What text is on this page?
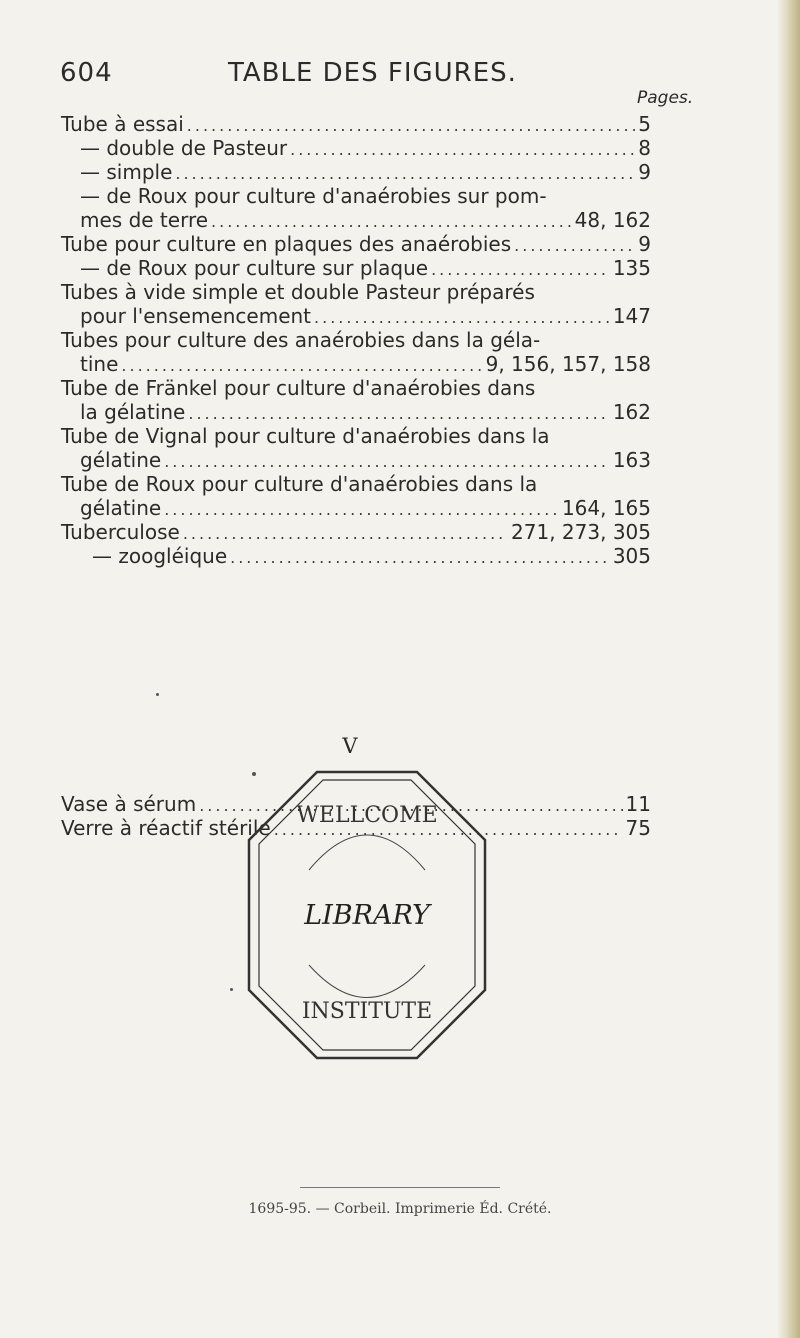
604	TABLE DES FIGURES.
Pages.
Tube à essai .....	5
— double de Pasteur .....	8
— simple .....	9
— de Roux pour culture d'anaérobies sur pom-
mes de terre .....	48, 162
Tube pour culture en plaques des anaérobies .....	9
— de Roux pour culture sur plaque .....	135
Tubes à vide simple et double Pasteur préparés
pour l'ensemencement .....	147
Tubes pour culture des anaérobies dans la géla-
tine .....	9, 156, 157, 158
Tube de Fränkel pour culture d'anaérobies dans
la gélatine .....	162
Tube de Vignal pour culture d'anaérobies dans la
gélatine .....	163
Tube de Roux pour culture d'anaérobies dans la
gélatine .....	164, 165
Tuberculose .....	271, 273, 305
— zoogléique .....	305
V
Vase à sérum .....	11
Verre à réactif stérile .....	75
WELLCOME
LIBRARY
INSTITUTE
1695-95. — Corbeil. Imprimerie Éd. Crété.
